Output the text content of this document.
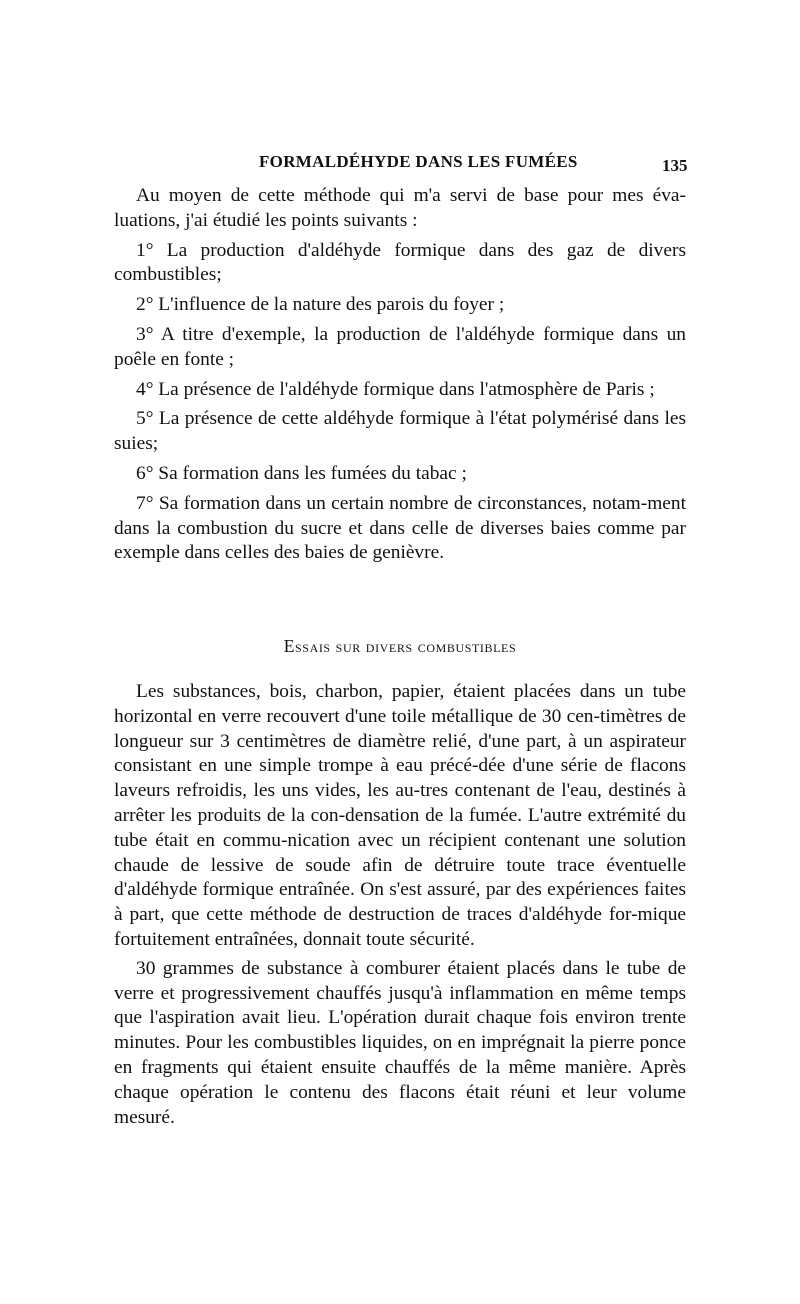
FORMALDÉHYDE DANS LES FUMÉES	135

Au moyen de cette méthode qui m'a servi de base pour mes éva-luations, j'ai étudié les points suivants :

1° La production d'aldéhyde formique dans des gaz de divers combustibles;

2° L'influence de la nature des parois du foyer ;

3° A titre d'exemple, la production de l'aldéhyde formique dans un poêle en fonte ;

4° La présence de l'aldéhyde formique dans l'atmosphère de Paris ;

5° La présence de cette aldéhyde formique à l'état polymérisé dans les suies;

6° Sa formation dans les fumées du tabac ;

7° Sa formation dans un certain nombre de circonstances, notam-ment dans la combustion du sucre et dans celle de diverses baies comme par exemple dans celles des baies de genièvre.

Essais sur divers combustibles

Les substances, bois, charbon, papier, étaient placées dans un tube horizontal en verre recouvert d'une toile métallique de 30 cen-timètres de longueur sur 3 centimètres de diamètre relié, d'une part, à un aspirateur consistant en une simple trompe à eau précé-dée d'une série de flacons laveurs refroidis, les uns vides, les au-tres contenant de l'eau, destinés à arrêter les produits de la con-densation de la fumée. L'autre extrémité du tube était en commu-nication avec un récipient contenant une solution chaude de lessive de soude afin de détruire toute trace éventuelle d'aldéhyde formique entraînée. On s'est assuré, par des expériences faites à part, que cette méthode de destruction de traces d'aldéhyde for-mique fortuitement entraînées, donnait toute sécurité.

30 grammes de substance à comburer étaient placés dans le tube de verre et progressivement chauffés jusqu'à inflammation en même temps que l'aspiration avait lieu. L'opération durait chaque fois environ trente minutes. Pour les combustibles liquides, on en imprégnait la pierre ponce en fragments qui étaient ensuite chauffés de la même manière. Après chaque opération le contenu des flacons était réuni et leur volume mesuré.
